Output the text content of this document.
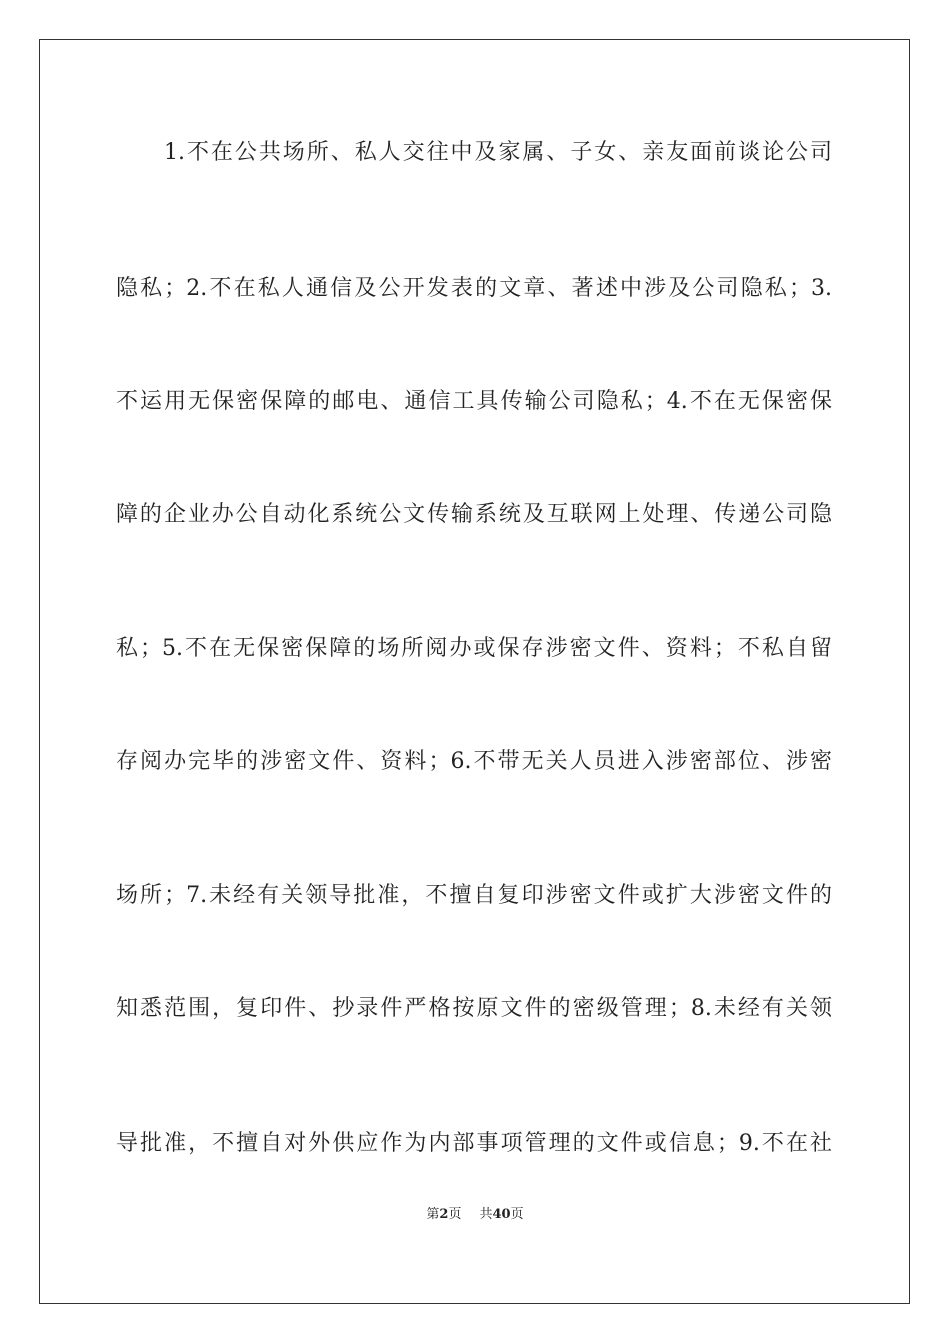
1.不在公共场所、私人交往中及家属、子女、亲友面前谈论公司
隐私；2.不在私人通信及公开发表的文章、著述中涉及公司隐私；3.
不运用无保密保障的邮电、通信工具传输公司隐私；4.不在无保密保
障的企业办公自动化系统公文传输系统及互联网上处理、传递公司隐
私；5.不在无保密保障的场所阅办或保存涉密文件、资料；不私自留
存阅办完毕的涉密文件、资料；6.不带无关人员进入涉密部位、涉密
场所；7.未经有关领导批准，不擅自复印涉密文件或扩大涉密文件的
知悉范围，复印件、抄录件严格按原文件的密级管理；8.未经有关领
导批准，不擅自对外供应作为内部事项管理的文件或信息；9.不在社
第2页 共40页
